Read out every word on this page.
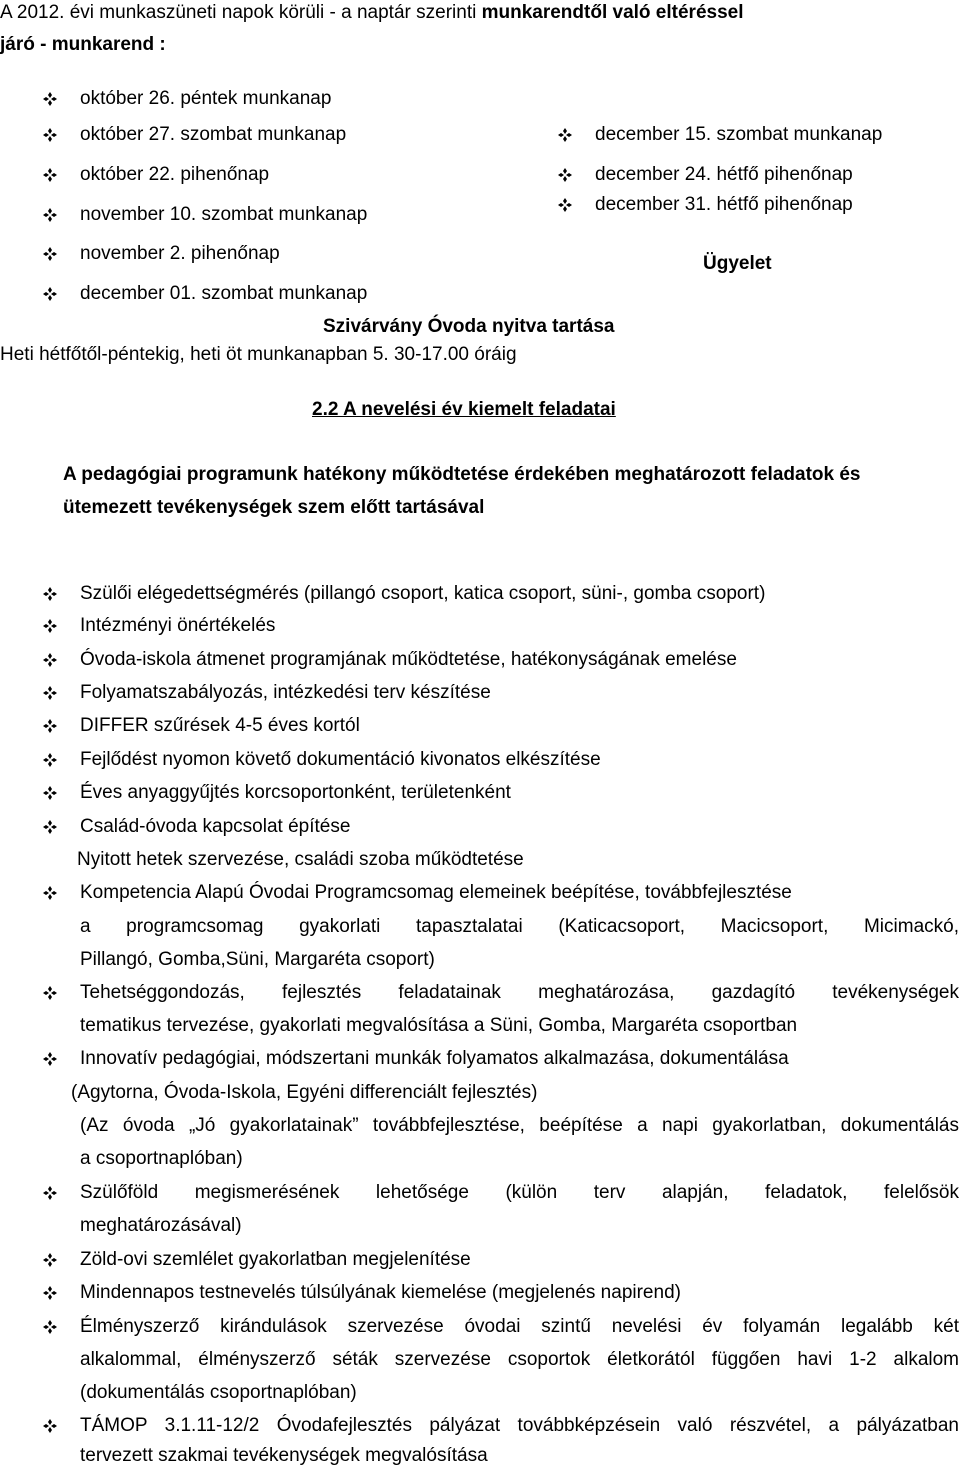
A 2012. évi munkaszüneti napok körüli - a naptár szerinti munkarendtől való eltéréssel
járó - munkarend :
október 26. péntek munkanap
október 27. szombat munkanap
október 22. pihenőnap
november 10. szombat munkanap
november 2. pihenőnap
december 01. szombat munkanap
december 15. szombat munkanap
december 24. hétfő pihenőnap
december 31. hétfő pihenőnap
Ügyelet
Szivárvány Óvoda nyitva tartása
Heti hétfőtől-péntekig, heti öt munkanapban 5. 30-17.00 óráig
2.2 A nevelési év kiemelt feladatai
A pedagógiai programunk hatékony működtetése érdekében meghatározott feladatok és
ütemezett tevékenységek szem előtt tartásával
Szülői elégedettségmérés (pillangó csoport, katica csoport, süni-, gomba csoport)
Intézményi önértékelés
Óvoda-iskola átmenet programjának működtetése, hatékonyságának emelése
Folyamatszabályozás, intézkedési terv készítése
DIFFER szűrések 4-5 éves kortól
Fejlődést nyomon követő dokumentáció kivonatos elkészítése
Éves anyaggyűjtés korcsoportonként, területenként
Család-óvoda kapcsolat építése
Nyitott hetek szervezése, családi szoba működtetése
Kompetencia Alapú Óvodai Programcsomag elemeinek beépítése, továbbfejlesztése
a programcsomag gyakorlati tapasztalatai (Katicacsoport, Macicsoport, Micimackó,
Pillangó, Gomba,Süni, Margaréta csoport)
Tehetséggondozás, fejlesztés feladatainak meghatározása, gazdagító tevékenységek
tematikus tervezése, gyakorlati megvalósítása a Süni, Gomba, Margaréta csoportban
Innovatív pedagógiai, módszertani munkák folyamatos alkalmazása, dokumentálása
(Agytorna, Óvoda-Iskola, Egyéni differenciált fejlesztés)
(Az óvoda „Jó gyakorlatainak” továbbfejlesztése, beépítése a napi gyakorlatban, dokumentálás
a csoportnaplóban)
Szülőföld megismerésének lehetősége (külön terv alapján, feladatok, felelősök
meghatározásával)
Zöld-ovi szemlélet gyakorlatban megjelenítése
Mindennapos testnevelés túlsúlyának kiemelése (megjelenés napirend)
Élményszerző kirándulások szervezése óvodai szintű nevelési év folyamán legalább két
alkalommal, élményszerző séták szervezése csoportok életkorától függően havi 1-2 alkalom
(dokumentálás csoportnaplóban)
TÁMOP 3.1.11-12/2 Óvodafejlesztés pályázat továbbképzésein való részvétel, a pályázatban
tervezett szakmai tevékenységek megvalósítása
